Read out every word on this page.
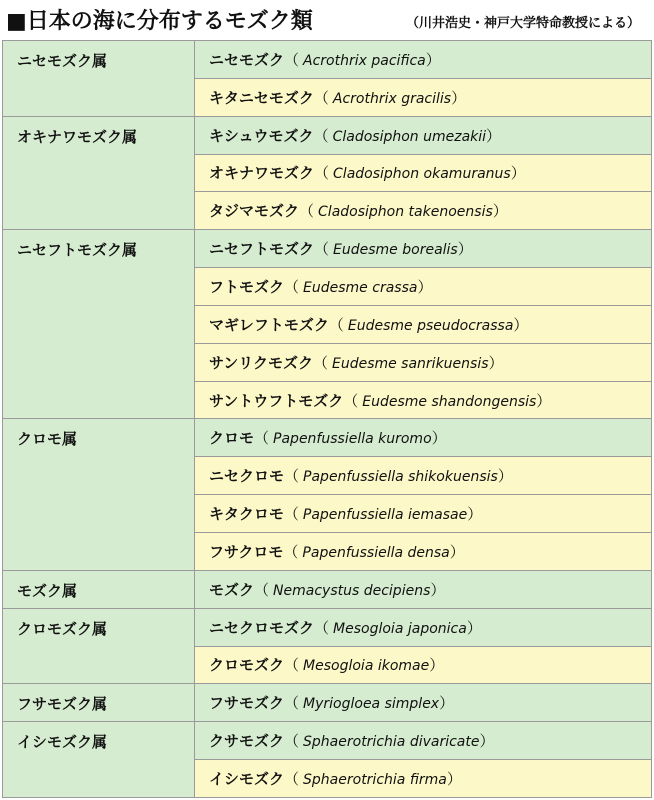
■日本の海に分布するモズク類	（川井浩史・神戸大学特命教授による）
ニセモズク属	ニセモズク（ Acrothrix pacifica）
	キタニセモズク（ Acrothrix gracilis）
オキナワモズク属	キシュウモズク（ Cladosiphon umezakii）
	オキナワモズク（ Cladosiphon okamuranus）
	タジマモズク（ Cladosiphon takenoensis）
ニセフトモズク属	ニセフトモズク（ Eudesme borealis）
	フトモズク（ Eudesme crassa）
	マギレフトモズク（ Eudesme pseudocrassa）
	サンリクモズク（ Eudesme sanrikuensis）
	サントウフトモズク（ Eudesme shandongensis）
クロモ属	クロモ（ Papenfussiella kuromo）
	ニセクロモ（ Papenfussiella shikokuensis）
	キタクロモ（ Papenfussiella iemasae）
	フサクロモ（ Papenfussiella densa）
モズク属	モズク（ Nemacystus decipiens）
クロモズク属	ニセクロモズク（ Mesogloia japonica）
	クロモズク（ Mesogloia ikomae）
フサモズク属	フサモズク（ Myriogloea simplex）
イシモズク属	クサモズク（ Sphaerotrichia divaricate）
	イシモズク（ Sphaerotrichia firma）
